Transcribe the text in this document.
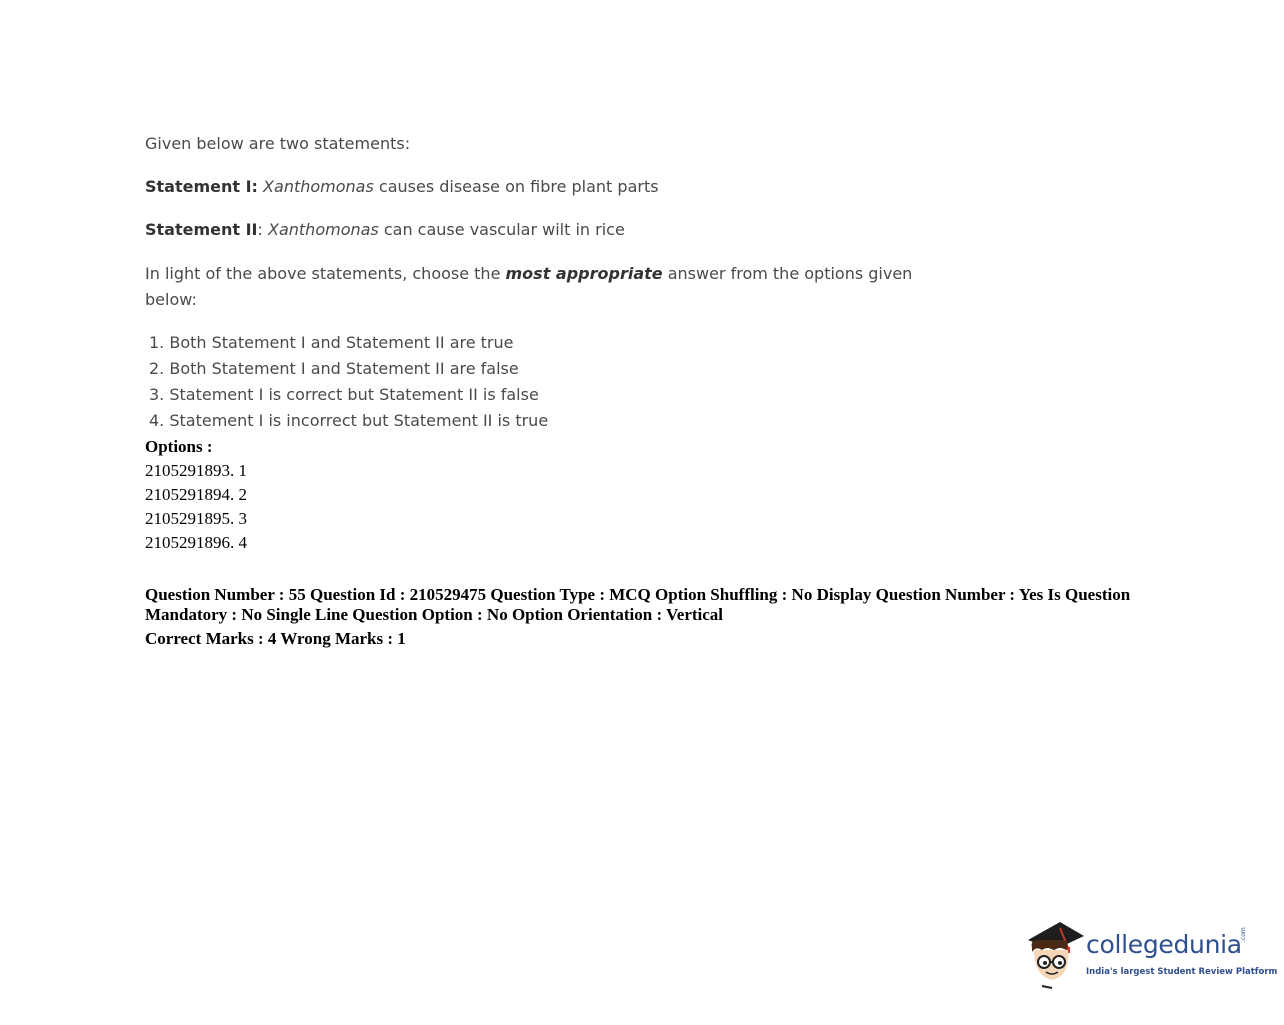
Given below are two statements:
Statement I: Xanthomonas causes disease on fibre plant parts
Statement II: Xanthomonas can cause vascular wilt in rice
In light of the above statements, choose the most appropriate answer from the options given
below:
1. Both Statement I and Statement II are true
2. Both Statement I and Statement II are false
3. Statement I is correct but Statement II is false
4. Statement I is incorrect but Statement II is true
Options :
2105291893. 1
2105291894. 2
2105291895. 3
2105291896. 4
Question Number : 55 Question Id : 210529475 Question Type : MCQ Option Shuffling : No Display Question Number : Yes Is Question
Mandatory : No Single Line Question Option : No Option Orientation : Vertical
Correct Marks : 4 Wrong Marks : 1
collegedunia
.com
India's largest Student Review Platform
